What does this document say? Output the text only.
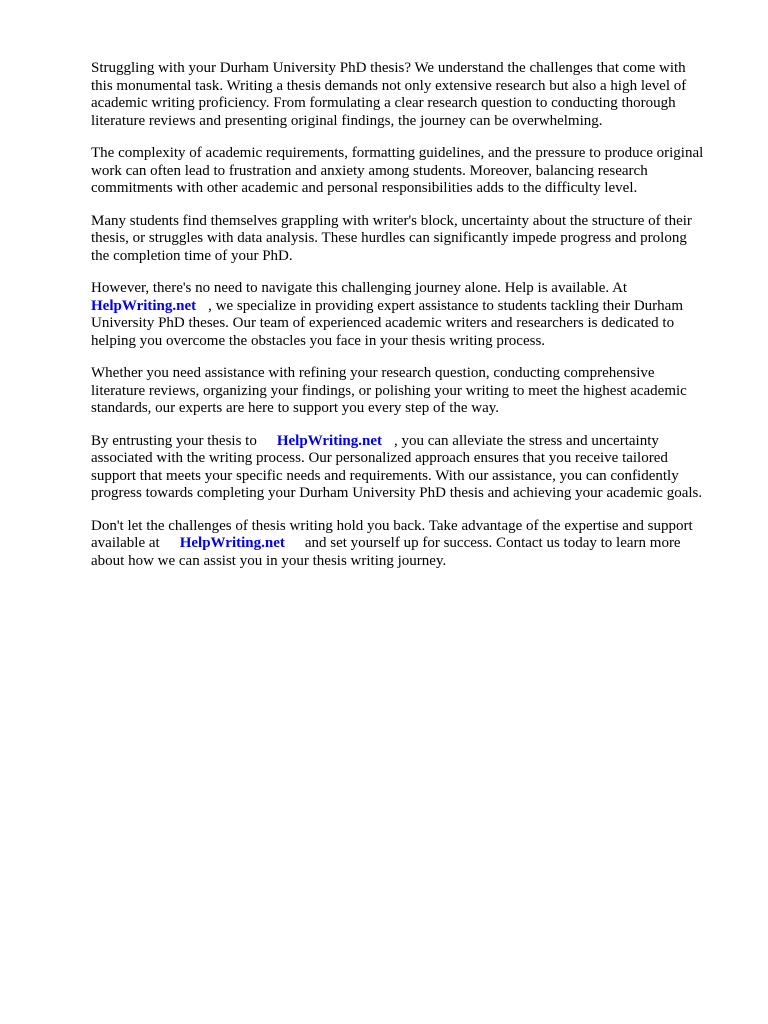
Struggling with your Durham University PhD thesis? We understand the challenges that come with
this monumental task. Writing a thesis demands not only extensive research but also a high level of
academic writing proficiency. From formulating a clear research question to conducting thorough
literature reviews and presenting original findings, the journey can be overwhelming.

The complexity of academic requirements, formatting guidelines, and the pressure to produce original
work can often lead to frustration and anxiety among students. Moreover, balancing research
commitments with other academic and personal responsibilities adds to the difficulty level.

Many students find themselves grappling with writer's block, uncertainty about the structure of their
thesis, or struggles with data analysis. These hurdles can significantly impede progress and prolong
the completion time of your PhD.

However, there's no need to navigate this challenging journey alone. Help is available. At
HelpWriting.net , we specialize in providing expert assistance to students tackling their Durham
University PhD theses. Our team of experienced academic writers and researchers is dedicated to
helping you overcome the obstacles you face in your thesis writing process.

Whether you need assistance with refining your research question, conducting comprehensive
literature reviews, organizing your findings, or polishing your writing to meet the highest academic
standards, our experts are here to support you every step of the way.

By entrusting your thesis to HelpWriting.net , you can alleviate the stress and uncertainty
associated with the writing process. Our personalized approach ensures that you receive tailored
support that meets your specific needs and requirements. With our assistance, you can confidently
progress towards completing your Durham University PhD thesis and achieving your academic goals.

Don't let the challenges of thesis writing hold you back. Take advantage of the expertise and support
available at HelpWriting.net and set yourself up for success. Contact us today to learn more
about how we can assist you in your thesis writing journey.
